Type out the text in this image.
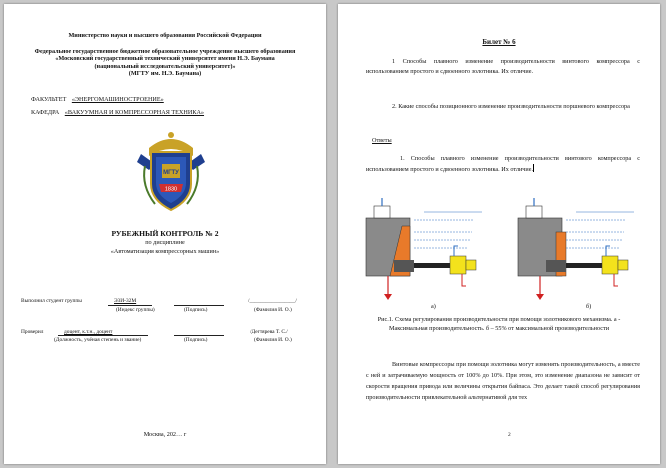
Министерство науки и высшего образования Российской Федерации
Федеральное государственное бюджетное образовательное учреждение высшего образования
«Московский государственный технический университет имени Н.Э. Баумана
(национальный исследовательский университет)»
(МГТУ им. Н.Э. Баумана)
ФАКУЛЬТЕТ «ЭНЕРГОМАШИНОСТРОЕНИЕ»
КАФЕДРА «ВАКУУМНАЯ И КОМПРЕССОРНАЯ ТЕХНИКА»
МГТУ
1830
РУБЕЖНЫЙ КОНТРОЛЬ № 2
по дисциплине
«Автоматизация компрессорных машин»
Выполнил студент группы	Э3И-32М
(Индекс группы)	(Подпись)
/_________________/
(Фамилия И. О.)
Проверил	доцент, к.т.н., доцент
(Должность, учёная степень и звание)	(Подпись)
/Дегтярева Т. С./
(Фамилия И. О.)
Москва, 202… г
Билет № 6
1 Способы плавного изменение производительности винтового компрессора с использованием простого и сдвоенного золотника. Их отличие.
2. Какие способы позиционного изменение производительности поршневого компрессора
Ответы
1. Способы плавного изменение производительности винтового компрессора с использованием простого и сдвоенного золотника. Их отличие.
а)	б)
Рис.1. Схема регулирования производительности при помощи золотникового механизма. а - Максимальная производительность. б – 55% от максимальной производительности
Винтовые компрессоры при помощи золотника могут изменять производительность, а вместе с ней и затрачиваемую мощность от 100% до 10%. При этом, это изменение диапазона не зависит от скорости вращения привода или величины открытия байпаса. Это делает такой способ регулирования производительности привлекательной альтернативой для тех
2
